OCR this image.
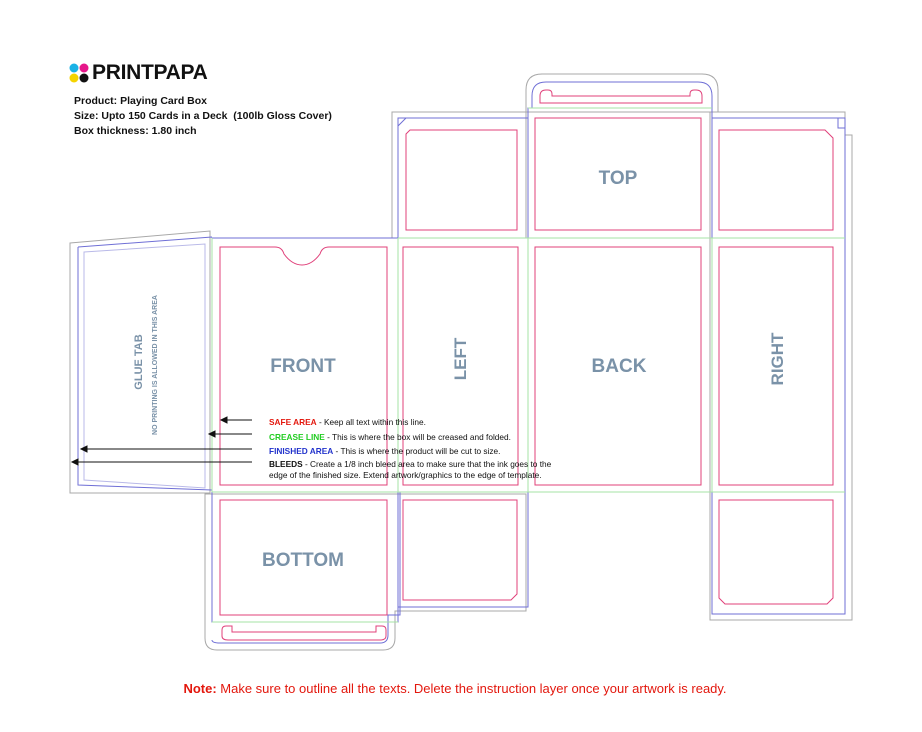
TOP
FRONT	BACK
LEFT	RIGHT
BOTTOM
GLUE TAB NO PRINTING IS ALLOWED IN THIS AREA
PRINTPAPA
Product: Playing Card Box
Size: Upto 150 Cards in a Deck  (100lb Gloss Cover)
Box thickness: 1.80 inch
SAFE AREA - Keep all text within this line.
CREASE LINE - This is where the box will be creased and folded.
FINISHED AREA - This is where the product will be cut to size.
BLEEDS - Create a 1/8 inch bleed area to make sure that the ink goes to the
edge of the finished size. Extend artwork/graphics to the edge of template.
Note: Make sure to outline all the texts. Delete the instruction layer once your artwork is ready.
